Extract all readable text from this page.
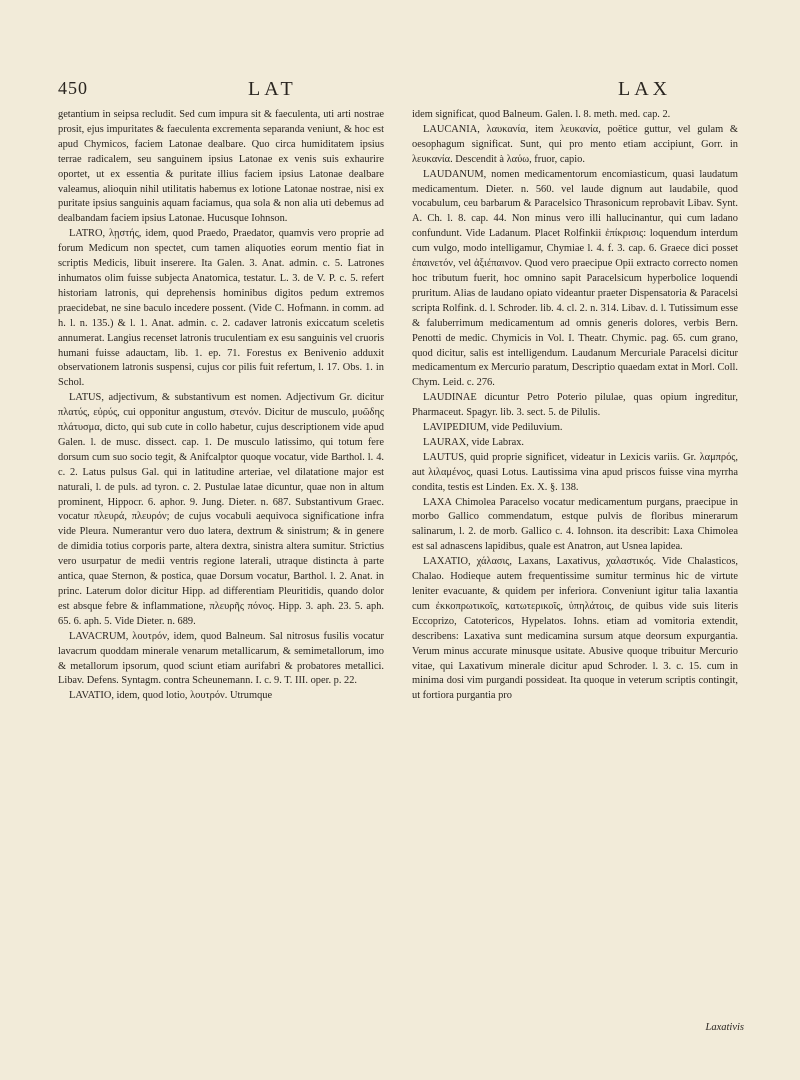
450	LAT	LAX

getantium in seipsa recludit. Sed cum impura sit & faeculenta, uti arti nostrae prosit, ejus impuritates & faeculenta excrementa separanda veniunt, & hoc est apud Chymicos, faciem Latonae dealbare. Quo circa humiditatem ipsius terrae radicalem, seu sanguinem ipsius Latonae ex venis suis exhaurire oportet, ut ex essentia & puritate illius faciem ipsius Latonae dealbare valeamus, alioquin nihil utilitatis habemus ex lotione Latonae nostrae, nisi ex puritate ipsius sanguinis aquam faciamus, qua sola & non alia uti debemus ad dealbandam faciem ipsius Latonae. Hucusque Iohnson.

LATRO, λῃστής, idem, quod Praedo, Praedator, quamvis vero proprie ad forum Medicum non spectet, cum tamen aliquoties eorum mentio fiat in scriptis Medicis, libuit inserere. Ita Galen. 3. Anat. admin. c. 5. Latrones inhumatos olim fuisse subjecta Anatomica, testatur. L. 3. de V. P. c. 5. refert historiam latronis, qui deprehensis hominibus digitos pedum extremos praecidebat, ne sine baculo incedere possent. (Vide C. Hofmann. in comm. ad h. l. n. 135.) & l. 1. Anat. admin. c. 2. cadaver latronis exiccatum sceletis annumerat. Langius recenset latronis truculentiam ex esu sanguinis vel cruoris humani fuisse adauctam, lib. 1. ep. 71. Forestus ex Benivenio adduxit observationem latronis suspensi, cujus cor pilis fuit refertum, l. 17. Obs. 1. in Schol.

LATUS, adjectivum, & substantivum est nomen. Adjectivum Gr. dicitur πλατύς, εὐρύς, cui opponitur angustum, στενόν. Dicitur de musculo, μυῶδης πλάτυσμα, dicto, qui sub cute in collo habetur, cujus descriptionem vide apud Galen. l. de musc. dissect. cap. 1. De musculo latissimo, qui totum fere dorsum cum suo socio tegit, & Anifcalptor quoque vocatur, vide Barthol. l. 4. c. 2. Latus pulsus Gal. qui in latitudine arteriae, vel dilatatione major est naturali, l. de puls. ad tyron. c. 2. Pustulae latae dicuntur, quae non in altum prominent, Hippocr. 6. aphor. 9. Jung. Dieter. n. 687. Substantivum Graec. vocatur πλευρά, πλευρόν; de cujus vocabuli aequivoca significatione infra vide Pleura. Numerantur vero duo latera, dextrum & sinistrum; & in genere de dimidia totius corporis parte, altera dextra, sinistra altera sumitur. Strictius vero usurpatur de medii ventris regione laterali, utraque distincta à parte antica, quae Sternon, & postica, quae Dorsum vocatur, Barthol. l. 2. Anat. in princ. Laterum dolor dicitur Hipp. ad differentiam Pleuritidis, quando dolor est absque febre & inflammatione, πλευρῆς πόνος. Hipp. 3. aph. 23. 5. aph. 65. 6. aph. 5. Vide Dieter. n. 689.

LAVACRUM, λουτρόν, idem, quod Balneum. Sal nitrosus fusilis vocatur lavacrum quoddam minerale venarum metallicarum, & semimetallorum, imo & metallorum ipsorum, quod sciunt etiam aurifabri & probatores metallici. Libav. Defens. Syntagm. contra Scheunemann. I. c. 9. T. III. oper. p. 22.

LAVATIO, idem, quod lotio, λουτρόν. Utrumque

idem significat, quod Balneum. Galen. l. 8. meth. med. cap. 2.

LAUCANIA, λαυκανία, item λευκανία, poëtice guttur, vel gulam & oesophagum significat. Sunt, qui pro mento etiam accipiunt, Gorr. in λευκανία. Descendit à λαύω, fruor, capio.

LAUDANUM, nomen medicamentorum encomiasticum, quasi laudatum medicamentum. Dieter. n. 560. vel laude dignum aut laudabile, quod vocabulum, ceu barbarum & Paracelsico Thrasonicum reprobavit Libav. Synt. A. Ch. l. 8. cap. 44. Non minus vero illi hallucinantur, qui cum ladano confundunt. Vide Ladanum. Placet Rolfinkii ἐπίκρισις: loquendum interdum cum vulgo, modo intelligamur, Chymiae l. 4. f. 3. cap. 6. Graece dici posset ἐπαινετόν, vel ἀξιέπαινον. Quod vero praecipue Opii extracto correcto nomen hoc tributum fuerit, hoc omnino sapit Paracelsicum hyperbolice loquendi pruritum. Alias de laudano opiato videantur praeter Dispensatoria & Paracelsi scripta Rolfink. d. l. Schroder. lib. 4. cl. 2. n. 314. Libav. d. l. Tutissimum esse & faluberrimum medicamentum ad omnis generis dolores, verbis Bern. Penotti de medic. Chymicis in Vol. I. Theatr. Chymic. pag. 65. cum grano, quod dicitur, salis est intelligendum. Laudanum Mercuriale Paracelsi dicitur medicamentum ex Mercurio paratum, Descriptio quaedam extat in Morl. Coll. Chym. Leid. c. 276.

LAUDINAE dicuntur Petro Poterio pilulae, quas opium ingreditur, Pharmaceut. Spagyr. lib. 3. sect. 5. de Pilulis.

LAVIPEDIUM, vide Pediluvium.

LAURAX, vide Labrax.

LAUTUS, quid proprie significet, videatur in Lexicis variis. Gr. λαμπρός, aut λιλαμένος, quasi Lotus. Lautissima vina apud priscos fuisse vina myrrha condita, testis est Linden. Ex. X. §. 138.

LAXA Chimolea Paracelso vocatur medicamentum purgans, praecipue in morbo Gallico commendatum, estque pulvis de floribus minerarum salinarum, l. 2. de morb. Gallico c. 4. Iohnson. ita describit: Laxa Chimolea est sal adnascens lapidibus, quale est Anatron, aut Usnea lapidea.

LAXATIO, χάλασις, Laxans, Laxativus, χαλαστικός. Vide Chalasticos, Chalao. Hodieque autem frequentissime sumitur terminus hic de virtute leniter evacuante, & quidem per inferiora. Conveniunt igitur talia laxantia cum ἐκκοπρωτικοῖς, κατωτερικοῖς, ὑπηλάτοις, de quibus vide suis literis Eccoprizo, Catotericos, Hypelatos. Iohns. etiam ad vomitoria extendit, describens: Laxativa sunt medicamina sursum atque deorsum expurgantia. Verum minus accurate minusque usitate. Abusive quoque tribuitur Mercurio vitae, qui Laxativum minerale dicitur apud Schroder. l. 3. c. 15. cum in minima dosi vim purgandi possideat. Ita quoque in veterum scriptis contingit, ut fortiora purgantia pro

Laxativis
